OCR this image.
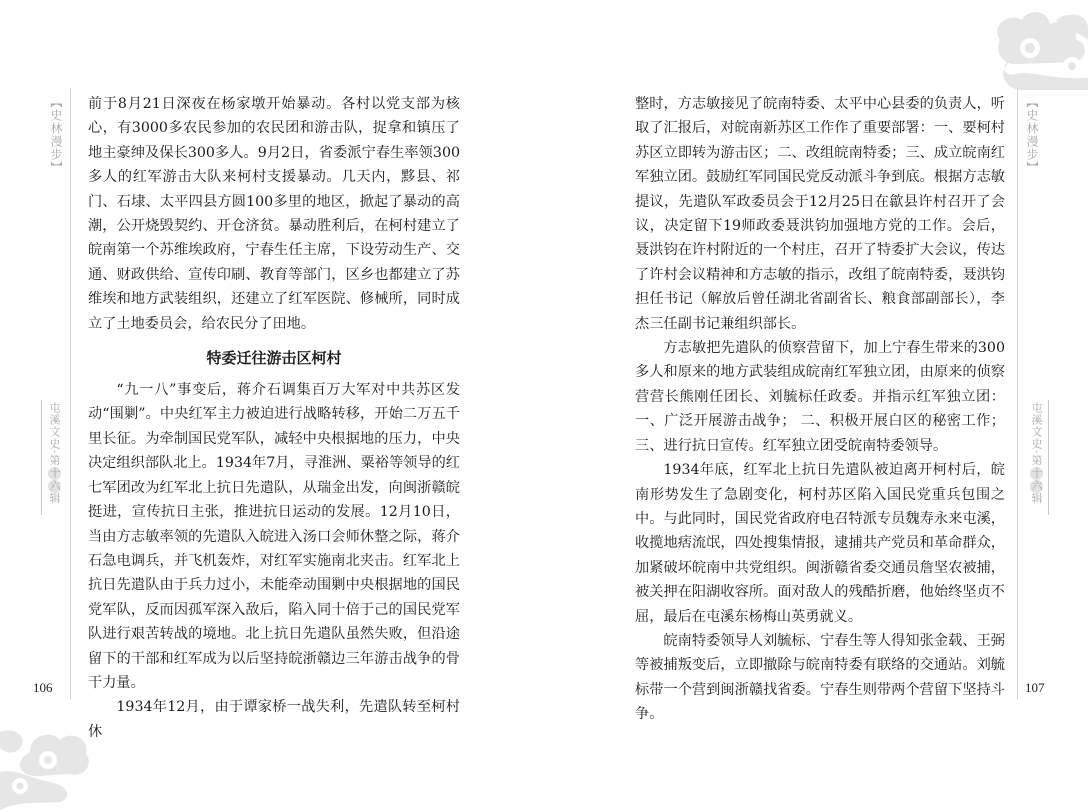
【史林漫步】
屯溪文史·第十六辑

前于8月21日深夜在杨家墩开始暴动。各村以党支部为核心，有3000多农民参加的农民团和游击队，捉拿和镇压了地主豪绅及保长300多人。9月2日，省委派宁春生率领300多人的红军游击大队来柯村支援暴动。几天内，黟县、祁门、石埭、太平四县方圆100多里的地区，掀起了暴动的高潮，公开烧毁契约、开仓济贫。暴动胜利后，在柯村建立了皖南第一个苏维埃政府，宁春生任主席，下设劳动生产、交通、财政供给、宣传印刷、教育等部门，区乡也都建立了苏维埃和地方武装组织，还建立了红军医院、修械所，同时成立了土地委员会，给农民分了田地。

特委迁往游击区柯村

“九一八”事变后，蒋介石调集百万大军对中共苏区发动“围剿”。中央红军主力被迫进行战略转移，开始二万五千里长征。为牵制国民党军队，减轻中央根据地的压力，中央决定组织部队北上。1934年7月，寻淮洲、粟裕等领导的红七军团改为红军北上抗日先遣队，从瑞金出发，向闽浙赣皖挺进，宣传抗日主张，推进抗日运动的发展。12月10日，当由方志敏率领的先遣队入皖进入汤口会师休整之际，蒋介石急电调兵，并飞机轰炸，对红军实施南北夹击。红军北上抗日先遣队由于兵力过小，未能牵动围剿中央根据地的国民党军队，反而因孤军深入敌后，陷入同十倍于己的国民党军队进行艰苦转战的境地。北上抗日先遣队虽然失败，但沿途留下的干部和红军成为以后坚持皖浙赣边三年游击战争的骨干力量。

1934年12月，由于谭家桥一战失利，先遣队转至柯村休

106
【史林漫步】
屯溪文史·第十六辑

整时，方志敏接见了皖南特委、太平中心县委的负责人，听取了汇报后，对皖南新苏区工作作了重要部署：一、要柯村苏区立即转为游击区；二、改组皖南特委；三、成立皖南红军独立团。鼓励红军同国民党反动派斗争到底。根据方志敏提议，先遣队军政委员会于12月25日在歙县许村召开了会议，决定留下19师政委聂洪钧加强地方党的工作。会后，聂洪钧在许村附近的一个村庄，召开了特委扩大会议，传达了许村会议精神和方志敏的指示，改组了皖南特委，聂洪钧担任书记（解放后曾任湖北省副省长、粮食部副部长），李杰三任副书记兼组织部长。

方志敏把先遣队的侦察营留下，加上宁春生带来的300多人和原来的地方武装组成皖南红军独立团，由原来的侦察营营长熊刚任团长、刘毓标任政委。并指示红军独立团：一、广泛开展游击战争； 二、积极开展白区的秘密工作；三、进行抗日宣传。红军独立团受皖南特委领导。

1934年底，红军北上抗日先遣队被迫离开柯村后，皖南形势发生了急剧变化，柯村苏区陷入国民党重兵包围之中。与此同时，国民党省政府电召特派专员魏寿永来屯溪，收揽地痞流氓，四处搜集情报，逮捕共产党员和革命群众，加紧破坏皖南中共党组织。闽浙赣省委交通员詹坚农被捕，被关押在阳湖收容所。面对敌人的残酷折磨，他始终坚贞不屈，最后在屯溪东杨梅山英勇就义。

皖南特委领导人刘毓标、宁春生等人得知张金载、王弼等被捕叛变后，立即撤除与皖南特委有联络的交通站。刘毓标带一个营到闽浙赣找省委。宁春生则带两个营留下坚持斗争。

107
